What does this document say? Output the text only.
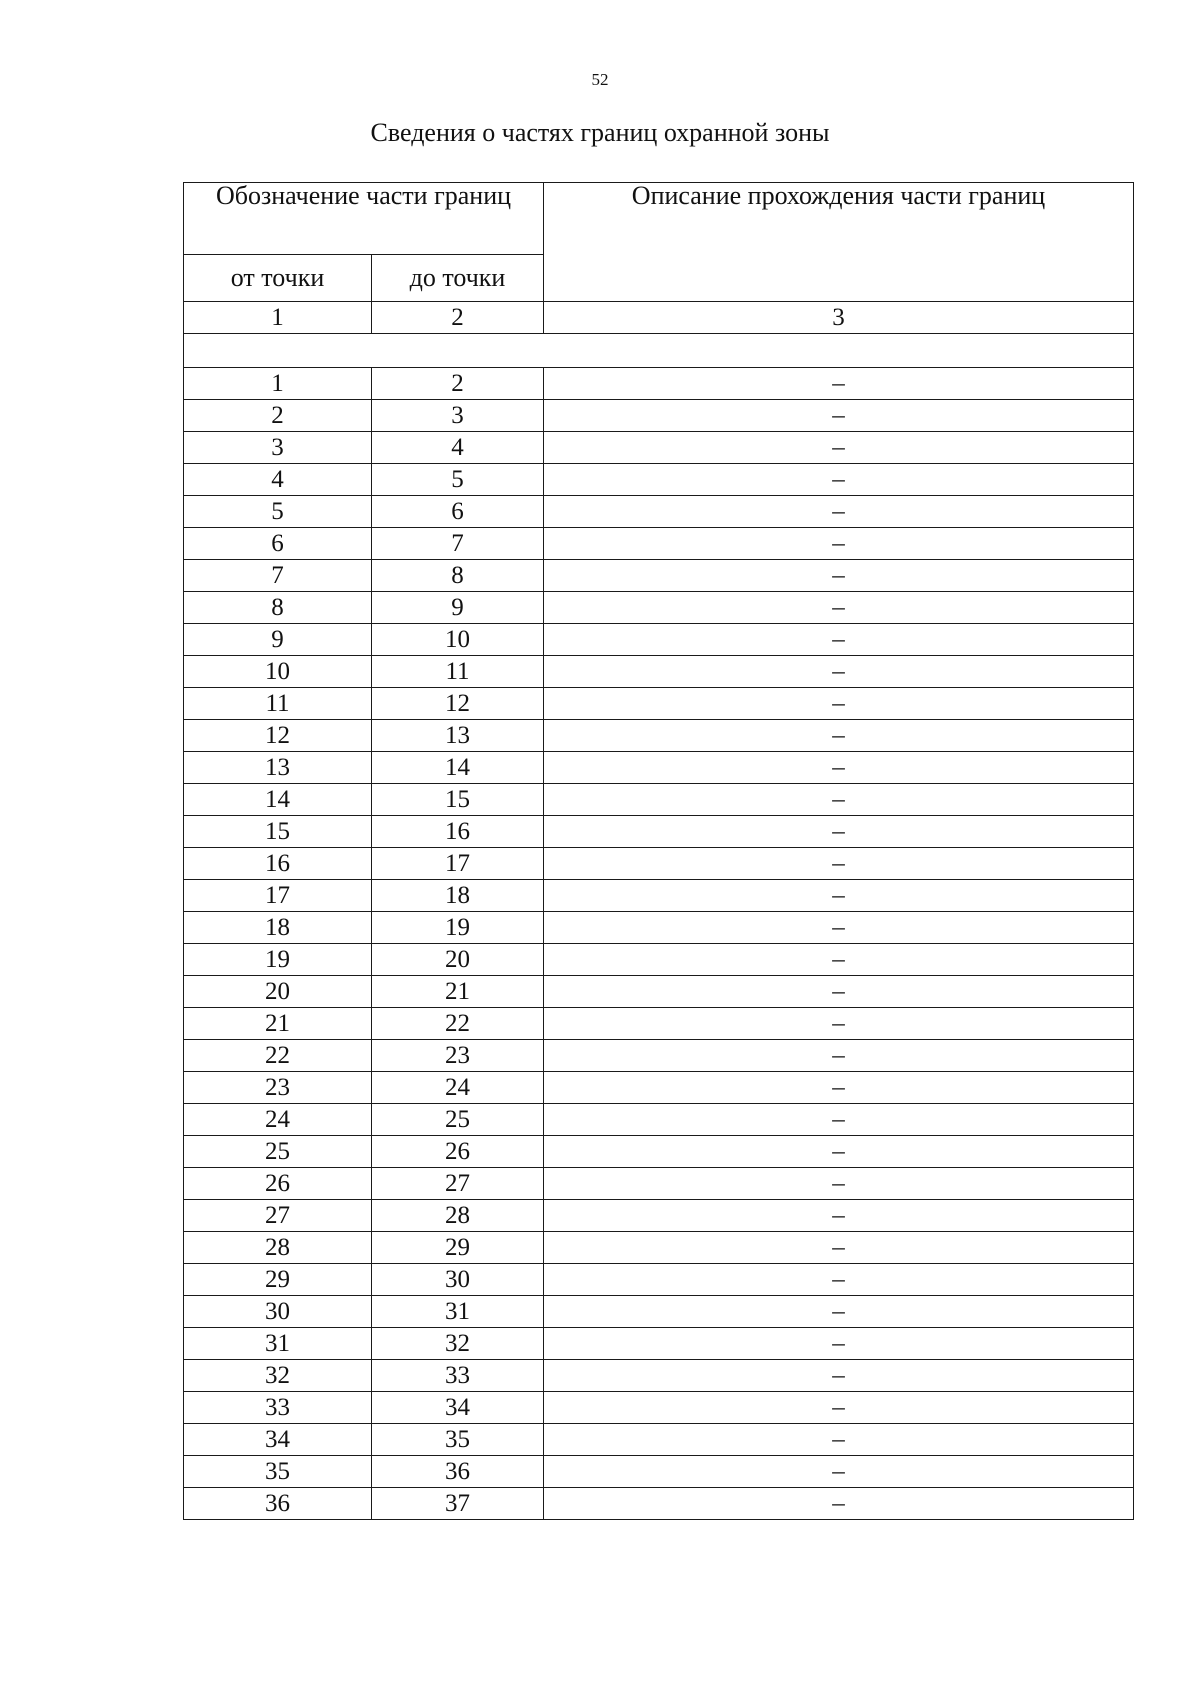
52
Сведения о частях границ охранной зоны
Обозначение части границ		Описание прохождения части границ
от точки	до точки	
1	2	3

1	2	–
2	3	–
3	4	–
4	5	–
5	6	–
6	7	–
7	8	–
8	9	–
9	10	–
10	11	–
11	12	–
12	13	–
13	14	–
14	15	–
15	16	–
16	17	–
17	18	–
18	19	–
19	20	–
20	21	–
21	22	–
22	23	–
23	24	–
24	25	–
25	26	–
26	27	–
27	28	–
28	29	–
29	30	–
30	31	–
31	32	–
32	33	–
33	34	–
34	35	–
35	36	–
36	37	–
